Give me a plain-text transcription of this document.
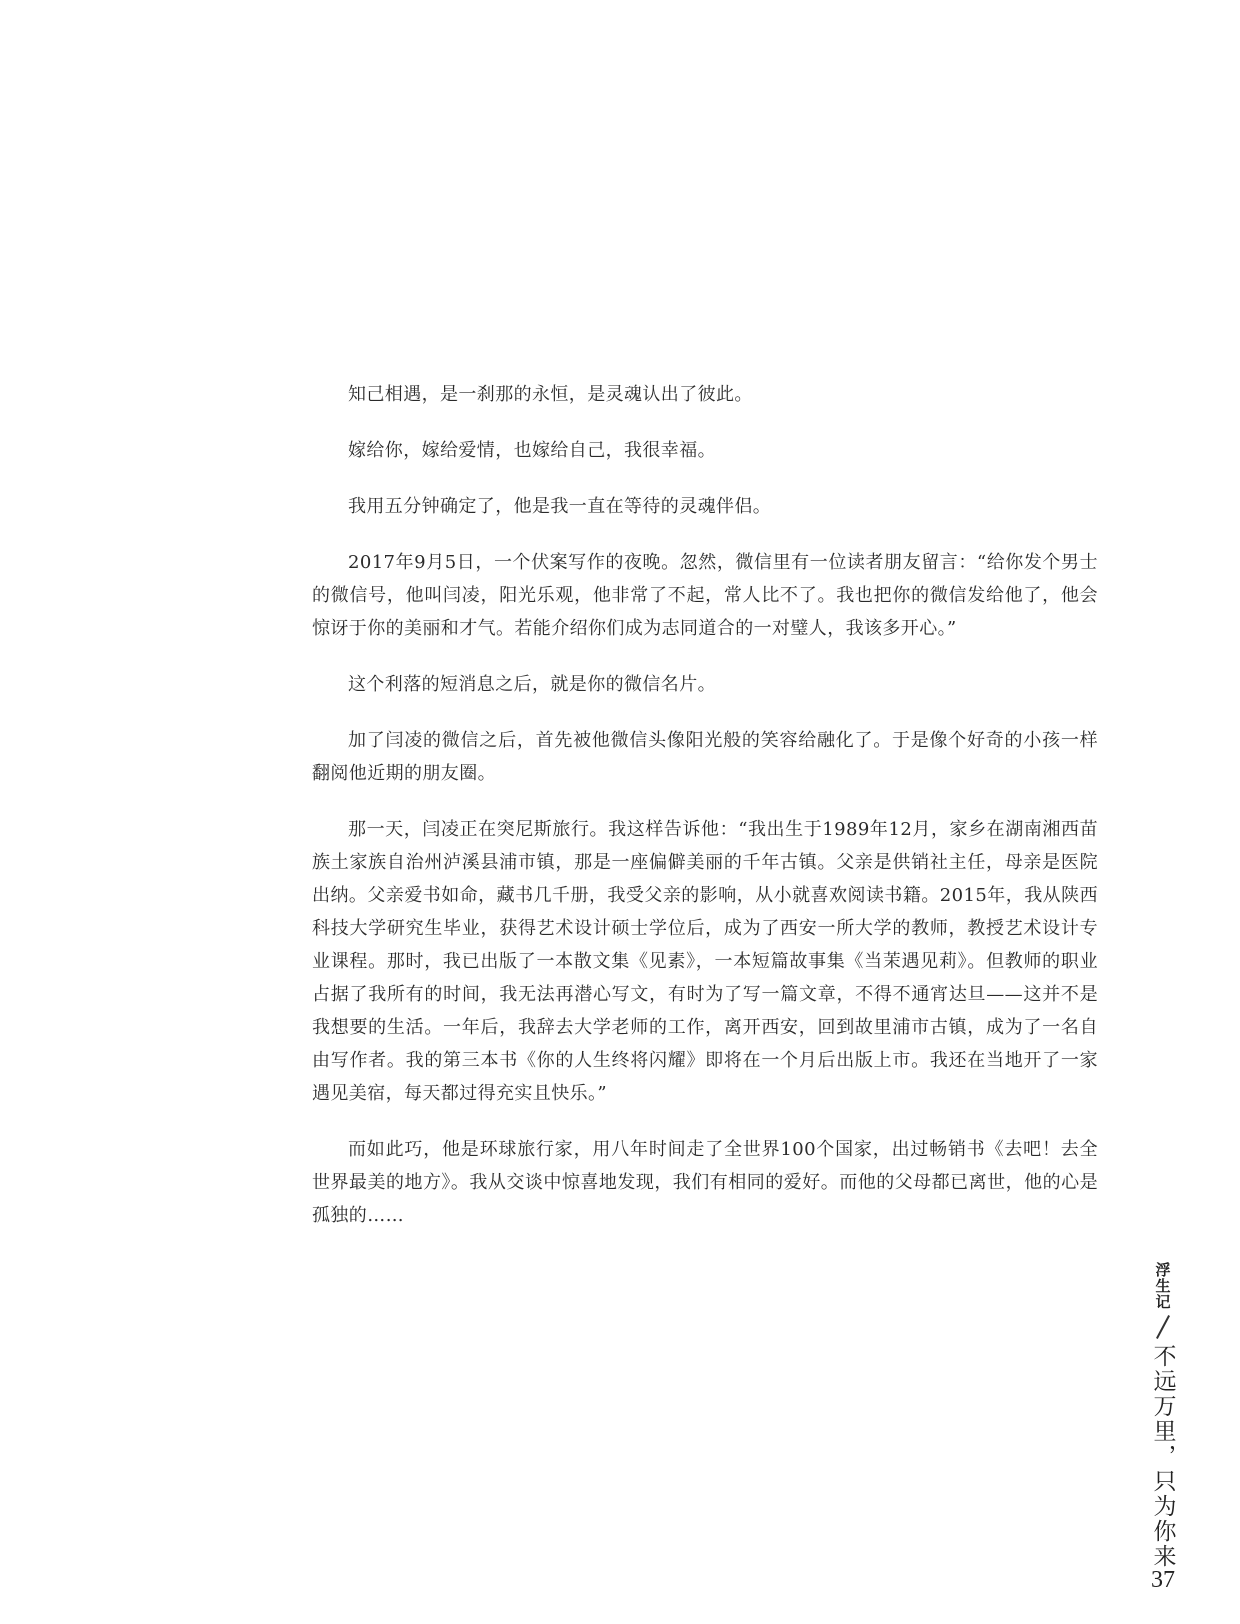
知己相遇，是一刹那的永恒，是灵魂认出了彼此。

嫁给你，嫁给爱情，也嫁给自己，我很幸福。

我用五分钟确定了，他是我一直在等待的灵魂伴侣。

2017年9月5日，一个伏案写作的夜晚。忽然，微信里有一位读者朋友留言：“给你发个男士的微信号，他叫闫凌，阳光乐观，他非常了不起，常人比不了。我也把你的微信发给他了，他会惊讶于你的美丽和才气。若能介绍你们成为志同道合的一对璧人，我该多开心。”

这个利落的短消息之后，就是你的微信名片。

加了闫凌的微信之后，首先被他微信头像阳光般的笑容给融化了。于是像个好奇的小孩一样翻阅他近期的朋友圈。

那一天，闫凌正在突尼斯旅行。我这样告诉他：“我出生于1989年12月，家乡在湖南湘西苗族土家族自治州泸溪县浦市镇，那是一座偏僻美丽的千年古镇。父亲是供销社主任，母亲是医院出纳。父亲爱书如命，藏书几千册，我受父亲的影响，从小就喜欢阅读书籍。2015年，我从陕西科技大学研究生毕业，获得艺术设计硕士学位后，成为了西安一所大学的教师，教授艺术设计专业课程。那时，我已出版了一本散文集《见素》，一本短篇故事集《当茉遇见莉》。但教师的职业占据了我所有的时间，我无法再潜心写文，有时为了写一篇文章，不得不通宵达旦——这并不是我想要的生活。一年后，我辞去大学老师的工作，离开西安，回到故里浦市古镇，成为了一名自由写作者。我的第三本书《你的人生终将闪耀》即将在一个月后出版上市。我还在当地开了一家遇见美宿，每天都过得充实且快乐。”

而如此巧，他是环球旅行家，用八年时间走了全世界100个国家，出过畅销书《去吧！去全世界最美的地方》。我从交谈中惊喜地发现，我们有相同的爱好。而他的父母都已离世，他的心是孤独的……

浮生记
不远万里，只为你来
37
